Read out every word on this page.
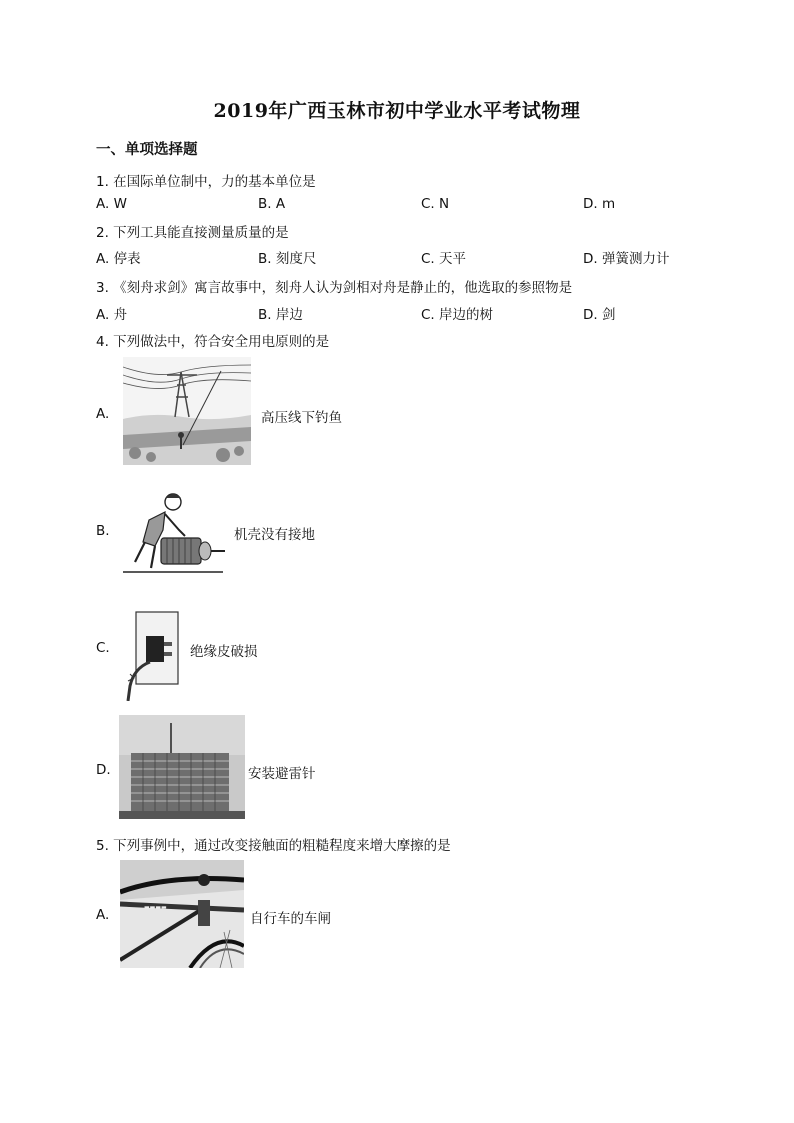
2019年广西玉林市初中学业水平考试物理
一、单项选择题
1. 在国际单位制中，力的基本单位是
A. W	B. A	C. N	D. m
2. 下列工具能直接测量质量的是
A. 停表	B. 刻度尺	C. 天平	D. 弹簧测力计
3. 《刻舟求剑》寓言故事中，刻舟人认为剑相对舟是静止的，他选取的参照物是
A. 舟	B. 岸边	C. 岸边的树	D. 剑
4. 下列做法中，符合安全用电原则的是
A.	高压线下钓鱼
B.	机壳没有接地
C.	绝缘皮破损
D.	安装避雷针
5. 下列事例中，通过改变接触面的粗糙程度来增大摩擦的是
A.	▬▬▬▬
自行车的车闸
